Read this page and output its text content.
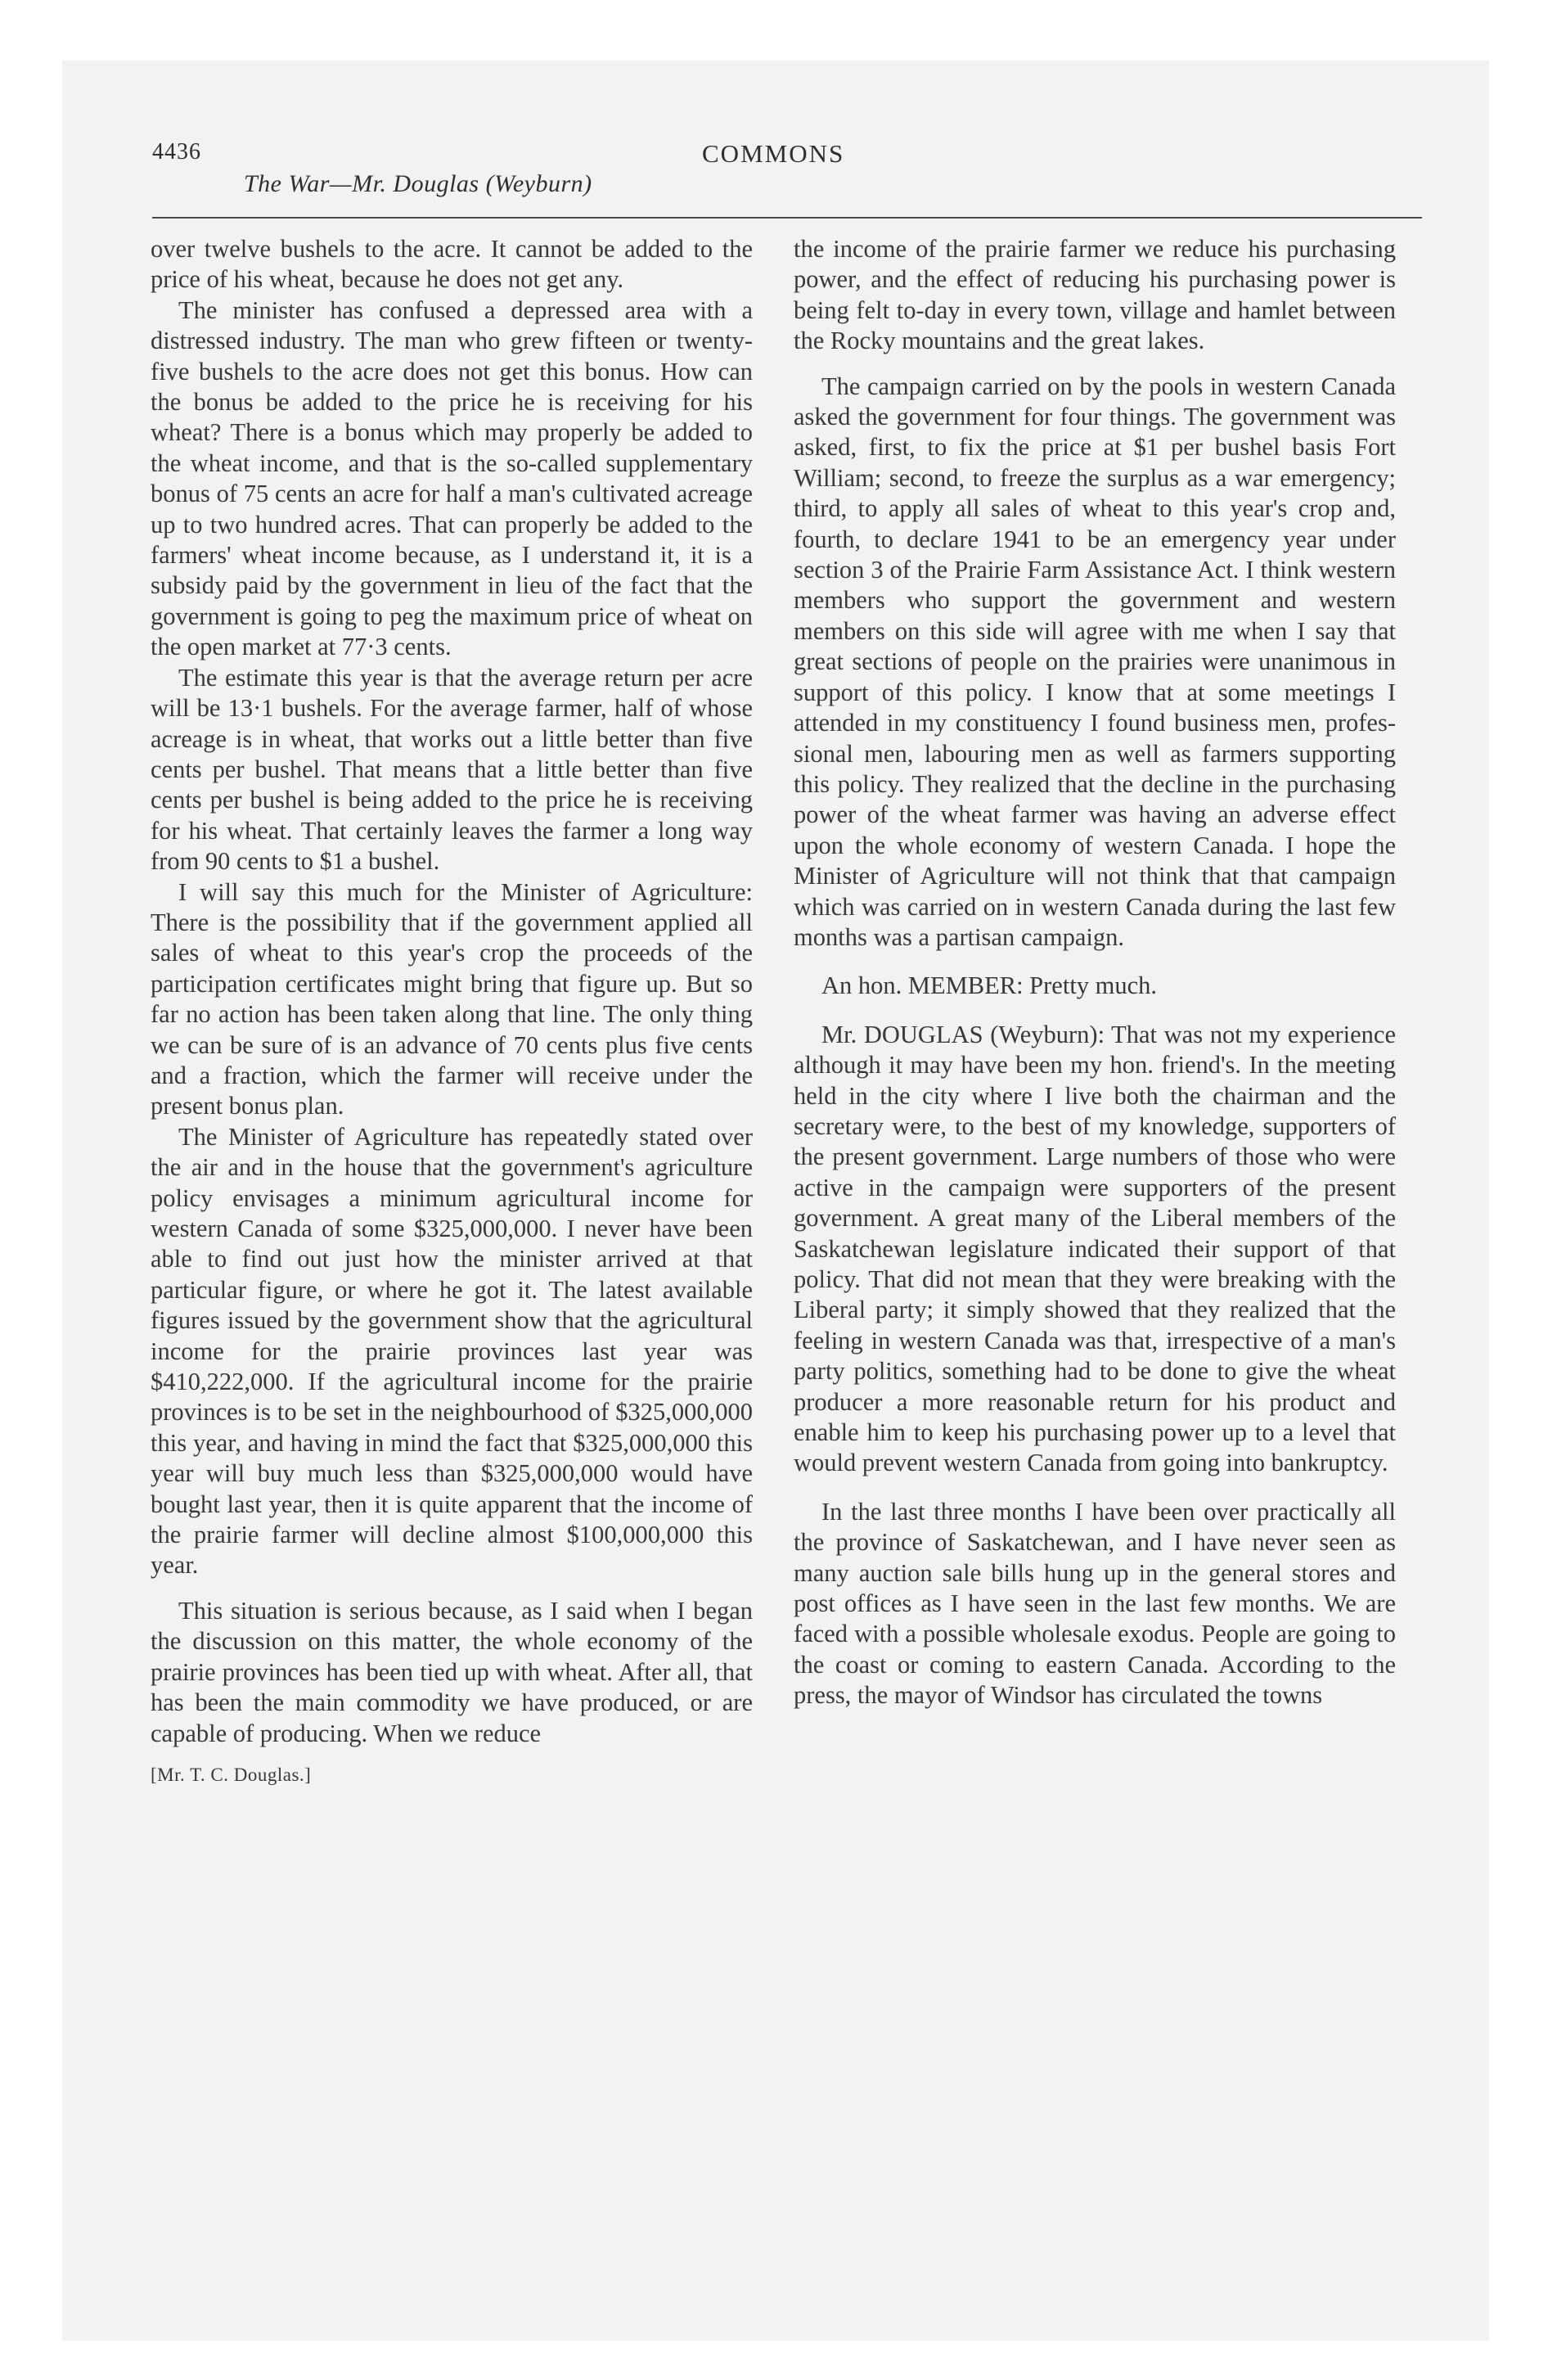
4436	COMMONS
The War—Mr. Douglas (Weyburn)

over twelve bushels to the acre. It cannot be added to the price of his wheat, because he does not get any.

The minister has confused a depressed area with a distressed industry. The man who grew fifteen or twenty-five bushels to the acre does not get this bonus. How can the bonus be added to the price he is receiving for his wheat? There is a bonus which may properly be added to the wheat income, and that is the so-called supplementary bonus of 75 cents an acre for half a man's cultivated acreage up to two hundred acres. That can properly be added to the farmers' wheat income because, as I understand it, it is a subsidy paid by the government in lieu of the fact that the government is going to peg the maximum price of wheat on the open market at 77·3 cents.

The estimate this year is that the average return per acre will be 13·1 bushels. For the average farmer, half of whose acreage is in wheat, that works out a little better than five cents per bushel. That means that a little better than five cents per bushel is being added to the price he is receiving for his wheat. That certainly leaves the farmer a long way from 90 cents to $1 a bushel.

I will say this much for the Minister of Agriculture: There is the possibility that if the government applied all sales of wheat to this year's crop the proceeds of the participation certificates might bring that figure up. But so far no action has been taken along that line. The only thing we can be sure of is an advance of 70 cents plus five cents and a fraction, which the farmer will receive under the present bonus plan.

The Minister of Agriculture has repeatedly stated over the air and in the house that the government's agriculture policy envisages a minimum agricultural income for western Canada of some $325,000,000. I never have been able to find out just how the minister arrived at that particular figure, or where he got it. The latest available figures issued by the government show that the agricultural income for the prairie provinces last year was $410,222,000. If the agricultural income for the prairie provinces is to be set in the neighbourhood of $325,000,000 this year, and having in mind the fact that $325,000,000 this year will buy much less than $325,000,000 would have bought last year, then it is quite apparent that the income of the prairie farmer will decline almost $100,000,000 this year.

This situation is serious because, as I said when I began the discussion on this matter, the whole economy of the prairie provinces has been tied up with wheat. After all, that has been the main commodity we have produced, or are capable of producing. When we reduce

[Mr. T. C. Douglas.]

the income of the prairie farmer we reduce his purchasing power, and the effect of reducing his purchasing power is being felt to-day in every town, village and hamlet between the Rocky mountains and the great lakes.

The campaign carried on by the pools in western Canada asked the government for four things. The government was asked, first, to fix the price at $1 per bushel basis Fort William; second, to freeze the surplus as a war emergency; third, to apply all sales of wheat to this year's crop and, fourth, to declare 1941 to be an emergency year under section 3 of the Prairie Farm Assistance Act. I think western members who support the government and western members on this side will agree with me when I say that great sections of people on the prairies were unanimous in support of this policy. I know that at some meetings I attended in my constituency I found business men, professional men, labouring men as well as farmers supporting this policy. They realized that the decline in the purchasing power of the wheat farmer was having an adverse effect upon the whole economy of western Canada. I hope the Minister of Agriculture will not think that that campaign which was carried on in western Canada during the last few months was a partisan campaign.

An hon. MEMBER: Pretty much.

Mr. DOUGLAS (Weyburn): That was not my experience although it may have been my hon. friend's. In the meeting held in the city where I live both the chairman and the secretary were, to the best of my knowledge, supporters of the present government. Large numbers of those who were active in the campaign were supporters of the present government. A great many of the Liberal members of the Saskatchewan legislature indicated their support of that policy. That did not mean that they were breaking with the Liberal party; it simply showed that they realized that the feeling in western Canada was that, irrespective of a man's party politics, something had to be done to give the wheat producer a more reasonable return for his product and enable him to keep his purchasing power up to a level that would prevent western Canada from going into bankruptcy.

In the last three months I have been over practically all the province of Saskatchewan, and I have never seen as many auction sale bills hung up in the general stores and post offices as I have seen in the last few months. We are faced with a possible wholesale exodus. People are going to the coast or coming to eastern Canada. According to the press, the mayor of Windsor has circulated the towns
